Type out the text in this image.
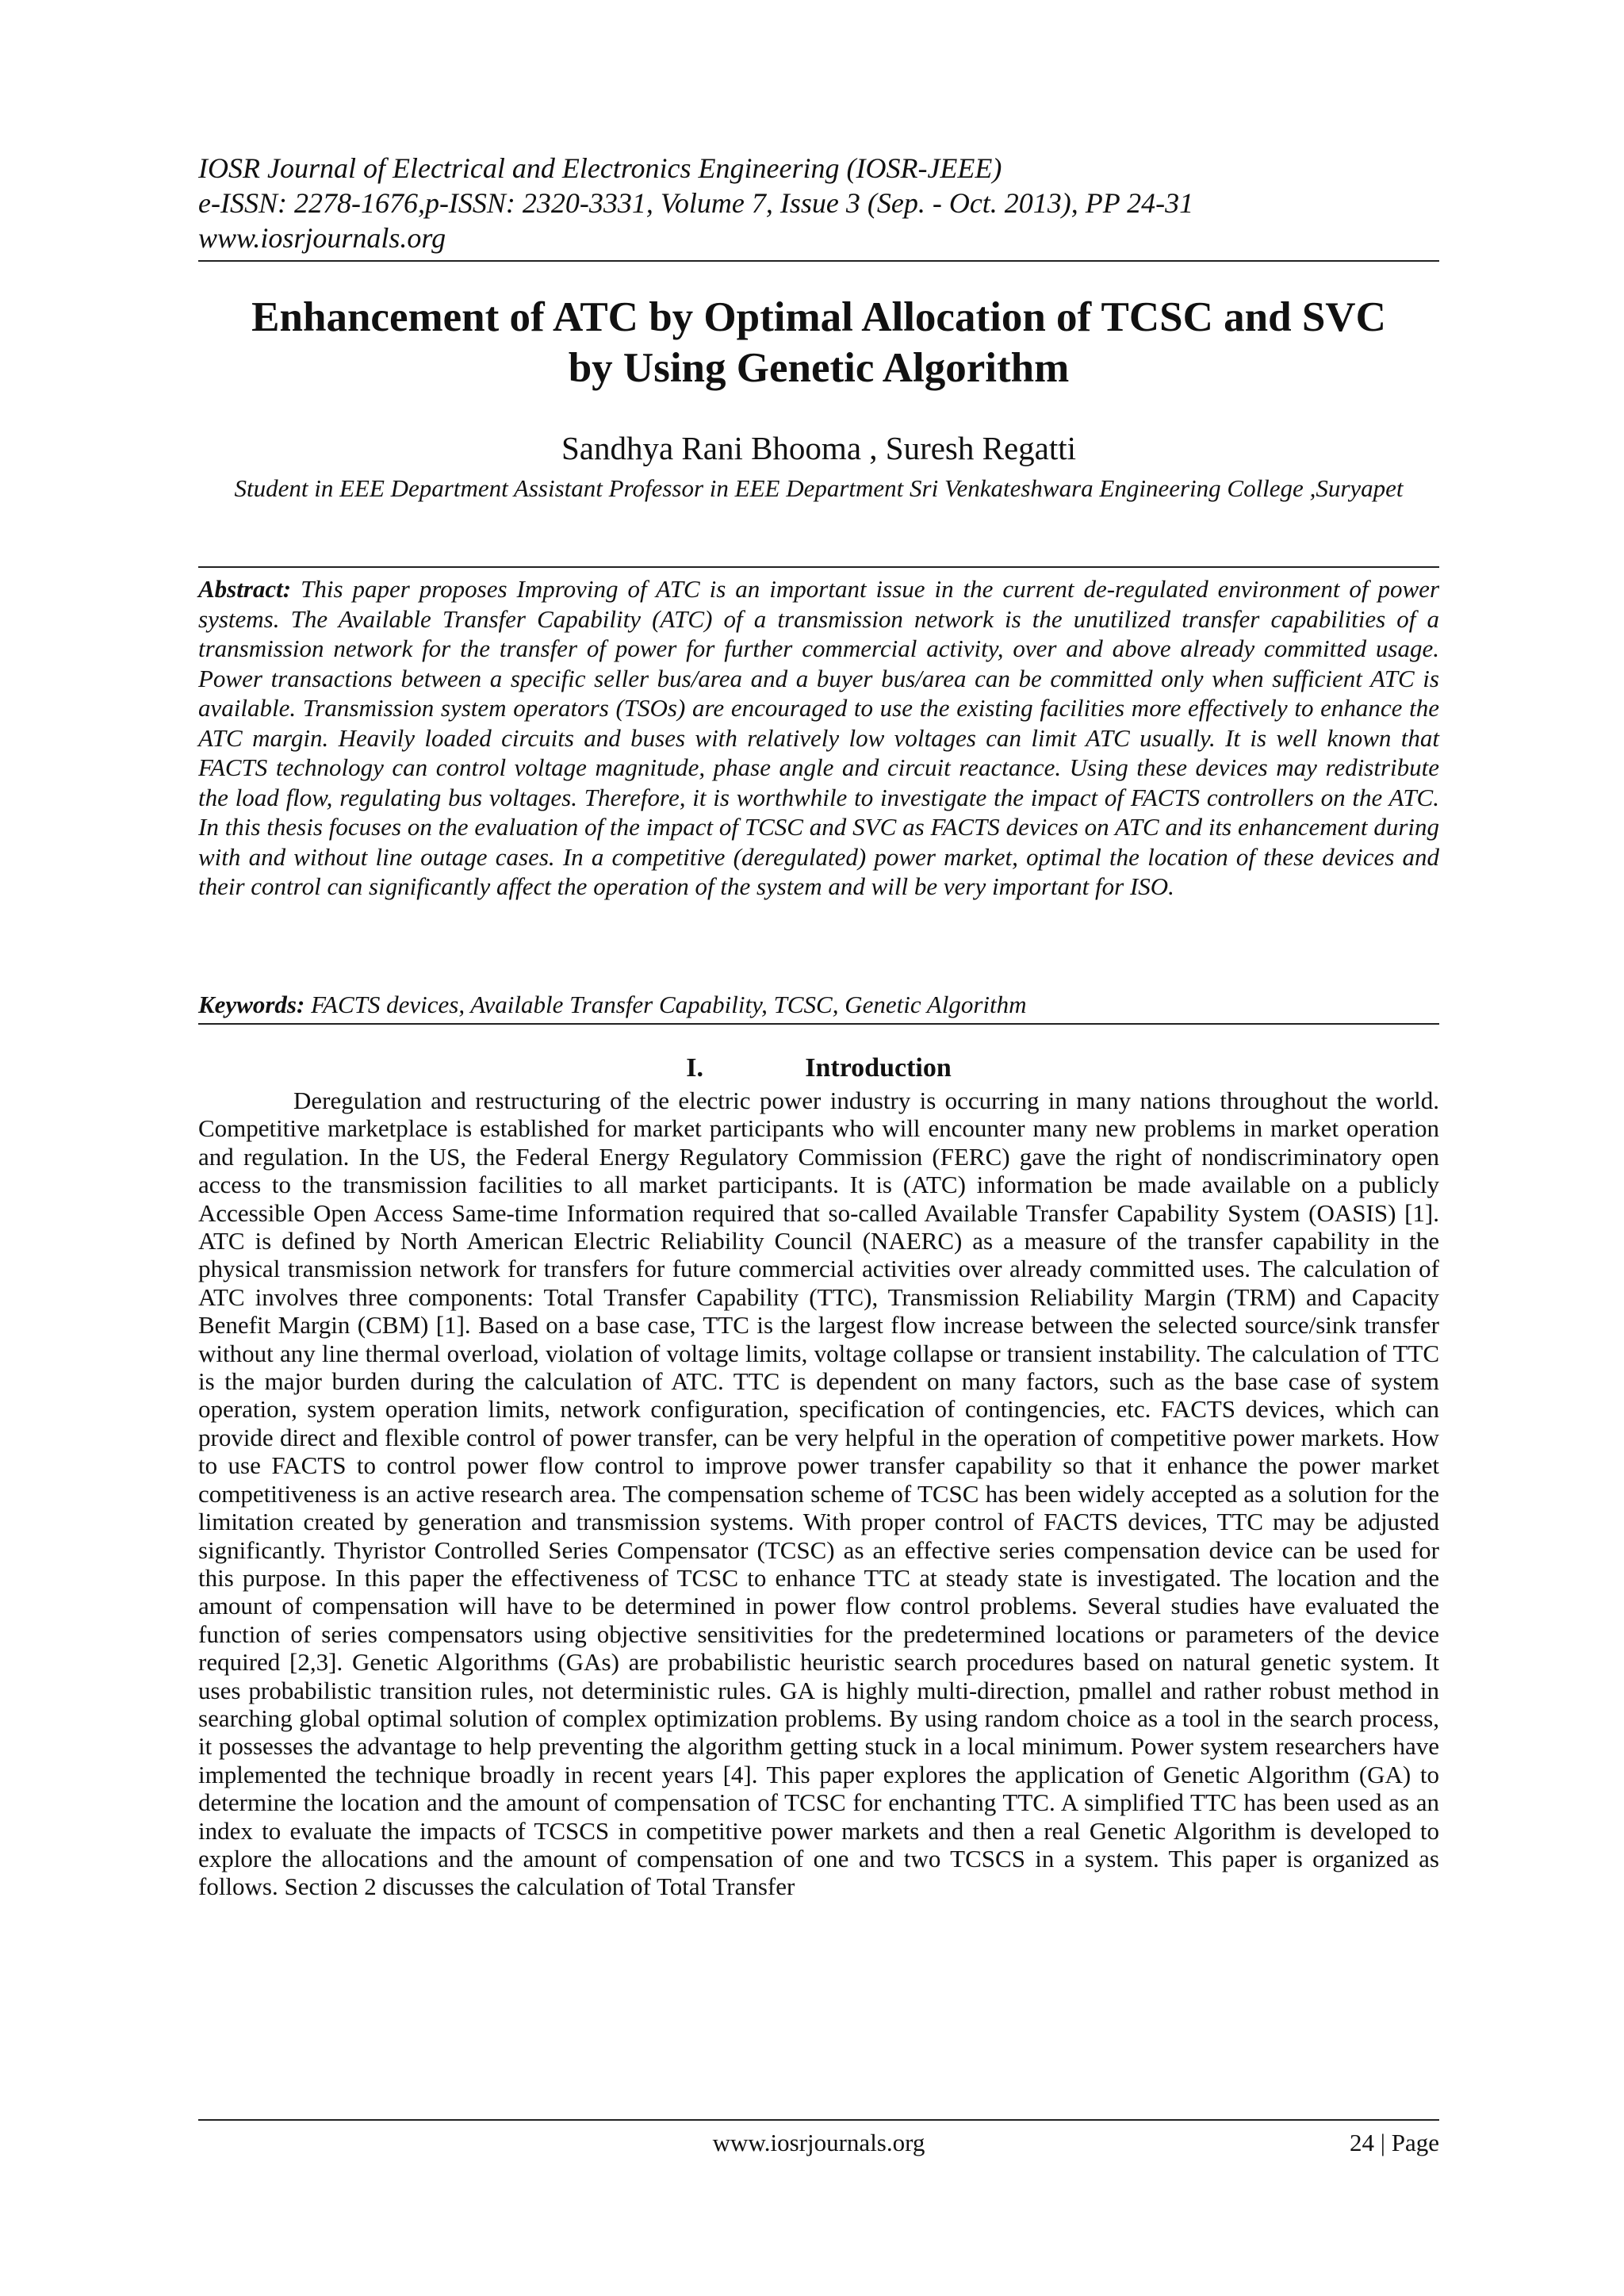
IOSR Journal of Electrical and Electronics Engineering (IOSR-JEEE)
e-ISSN: 2278-1676,p-ISSN: 2320-3331, Volume 7, Issue 3 (Sep. - Oct. 2013), PP 24-31
www.iosrjournals.org
Enhancement of ATC by Optimal Allocation of TCSC and SVC
by Using Genetic Algorithm
Sandhya Rani Bhooma , Suresh Regatti
Student in EEE Department Assistant Professor in EEE Department Sri Venkateshwara Engineering College ,Suryapet
Abstract: This paper proposes Improving of ATC is an important issue in the current de-regulated environment of power systems. The Available Transfer Capability (ATC) of a transmission network is the unutilized transfer capabilities of a transmission network for the transfer of power for further commercial activity, over and above already committed usage. Power transactions between a specific seller bus/area and a buyer bus/area can be committed only when sufficient ATC is available. Transmission system operators (TSOs) are encouraged to use the existing facilities more effectively to enhance the ATC margin. Heavily loaded circuits and buses with relatively low voltages can limit ATC usually. It is well known that FACTS technology can control voltage magnitude, phase angle and circuit reactance. Using these devices may redistribute the load flow, regulating bus voltages. Therefore, it is worthwhile to investigate the impact of FACTS controllers on the ATC. In this thesis focuses on the evaluation of the impact of TCSC and SVC as FACTS devices on ATC and its enhancement during with and without line outage cases. In a competitive (deregulated) power market, optimal the location of these devices and their control can significantly affect the operation of the system and will be very important for ISO.
Keywords: FACTS devices, Available Transfer Capability, TCSC, Genetic Algorithm
I.	Introduction

Deregulation and restructuring of the electric power industry is occurring in many nations throughout the world. Competitive marketplace is established for market participants who will encounter many new problems in market operation and regulation. In the US, the Federal Energy Regulatory Commission (FERC) gave the right of nondiscriminatory open access to the transmission facilities to all market participants. It is (ATC) information be made available on a publicly Accessible Open Access Same-time Information required that so-called Available Transfer Capability System (OASIS) [1]. ATC is defined by North American Electric Reliability Council (NAERC) as a measure of the transfer capability in the physical transmission network for transfers for future commercial activities over already committed uses. The calculation of ATC involves three components: Total Transfer Capability (TTC), Transmission Reliability Margin (TRM) and Capacity Benefit Margin (CBM) [1]. Based on a base case, TTC is the largest flow increase between the selected source/sink transfer without any line thermal overload, violation of voltage limits, voltage collapse or transient instability. The calculation of TTC is the major burden during the calculation of ATC. TTC is dependent on many factors, such as the base case of system operation, system operation limits, network configuration, specification of contingencies, etc. FACTS devices, which can provide direct and flexible control of power transfer, can be very helpful in the operation of competitive power markets. How to use FACTS to control power flow control to improve power transfer capability so that it enhance the power market competitiveness is an active research area. The compensation scheme of TCSC has been widely accepted as a solution for the limitation created by generation and transmission systems. With proper control of FACTS devices, TTC may be adjusted significantly. Thyristor Controlled Series Compensator (TCSC) as an effective series compensation device can be used for this purpose. In this paper the effectiveness of TCSC to enhance TTC at steady state is investigated. The location and the amount of compensation will have to be determined in power flow control problems. Several studies have evaluated the function of series compensators using objective sensitivities for the predetermined locations or parameters of the device required [2,3]. Genetic Algorithms (GAs) are probabilistic heuristic search procedures based on natural genetic system. It uses probabilistic transition rules, not deterministic rules. GA is highly multi-direction, pmallel and rather robust method in searching global optimal solution of complex optimization problems. By using random choice as a tool in the search process, it possesses the advantage to help preventing the algorithm getting stuck in a local minimum. Power system researchers have implemented the technique broadly in recent years [4]. This paper explores the application of Genetic Algorithm (GA) to determine the location and the amount of compensation of TCSC for enchanting TTC. A simplified TTC has been used as an index to evaluate the impacts of TCSCS in competitive power markets and then a real Genetic Algorithm is developed to explore the allocations and the amount of compensation of one and two TCSCS in a system. This paper is organized as follows. Section 2 discusses the calculation of Total Transfer

www.iosrjournals.org	24 | Page
